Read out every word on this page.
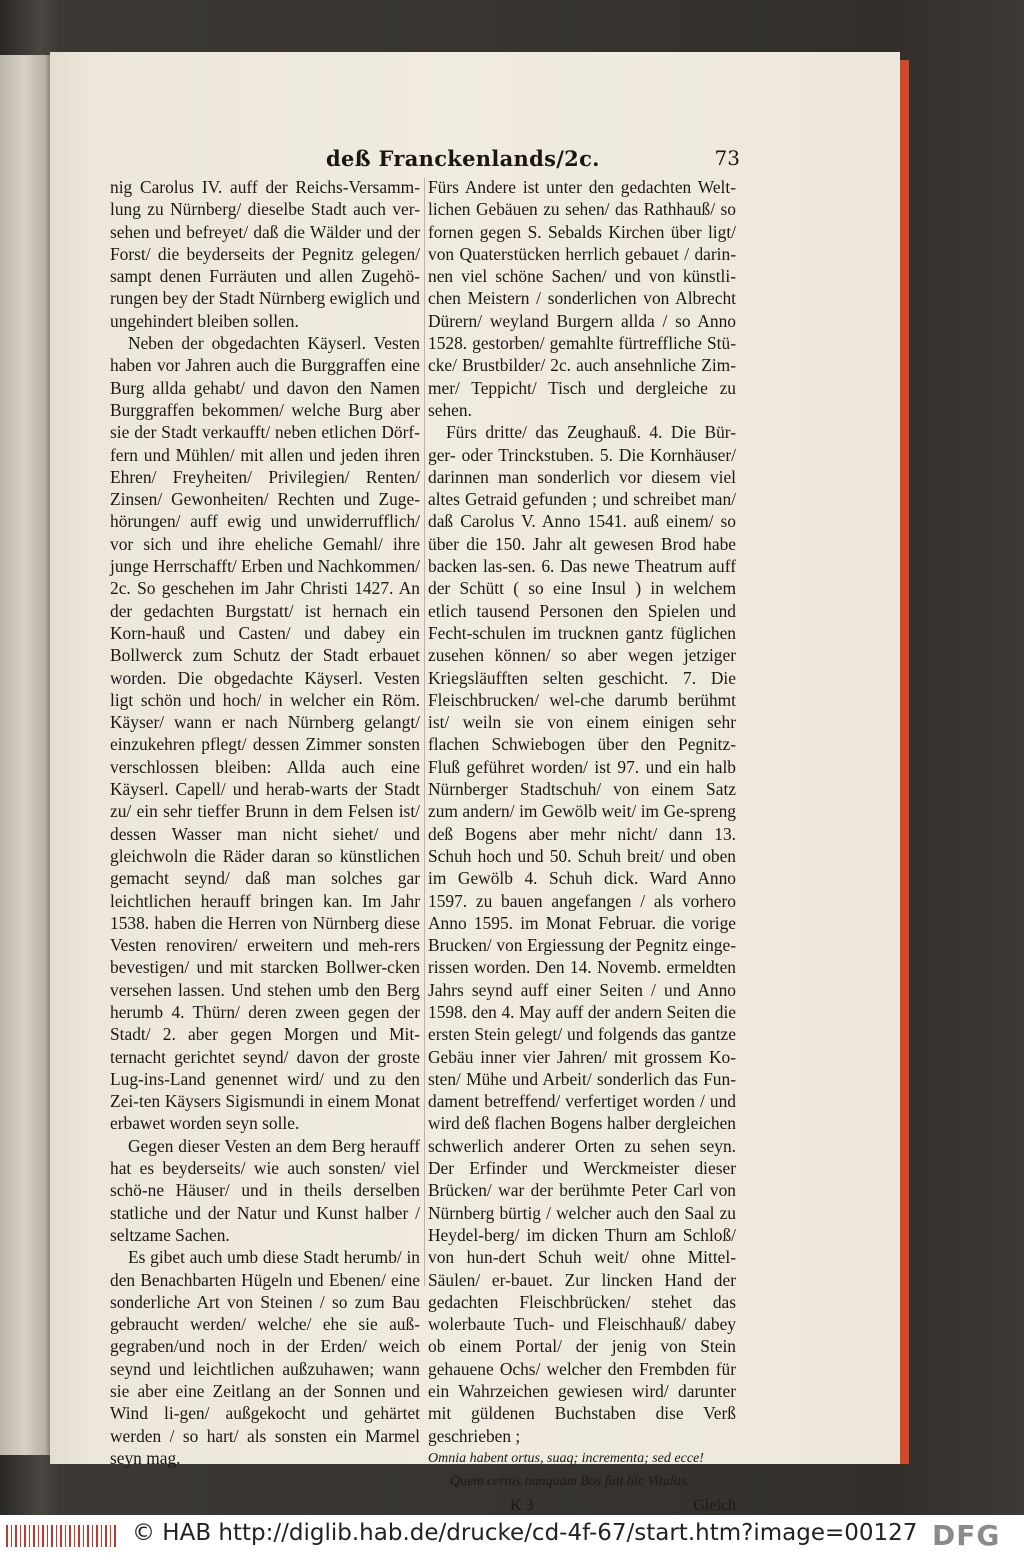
deß Franckenlands/2c.	73

nig Carolus IV. auff der Reichs-Versamm-lung zu Nürnberg/ dieselbe Stadt auch ver-sehen und befreyet/ daß die Wälder und der Forst/ die beyderseits der Pegnitz gelegen/ sampt denen Furräuten und allen Zugehö-rungen bey der Stadt Nürnberg ewiglich und ungehindert bleiben sollen.

Neben der obgedachten Käyserl. Vesten haben vor Jahren auch die Burggraffen eine Burg allda gehabt/ und davon den Namen Burggraffen bekommen/ welche Burg aber sie der Stadt verkaufft/ neben etlichen Dörf-fern und Mühlen/ mit allen und jeden ihren Ehren/ Freyheiten/ Privilegien/ Renten/ Zinsen/ Gewonheiten/ Rechten und Zuge-hörungen/ auff ewig und unwiderrufflich/ vor sich und ihre eheliche Gemahl/ ihre junge Herrschafft/ Erben und Nachkommen/ 2c. So geschehen im Jahr Christi 1427. An der gedachten Burgstatt/ ist hernach ein Korn-hauß und Casten/ und dabey ein Bollwerck zum Schutz der Stadt erbauet worden. Die obgedachte Käyserl. Vesten ligt schön und hoch/ in welcher ein Röm. Käyser/ wann er nach Nürnberg gelangt/ einzukehren pflegt/ dessen Zimmer sonsten verschlossen bleiben: Allda auch eine Käyserl. Capell/ und herab-warts der Stadt zu/ ein sehr tieffer Brunn in dem Felsen ist/ dessen Wasser man nicht siehet/ und gleichwoln die Räder daran so künstlichen gemacht seynd/ daß man solches gar leichtlichen herauff bringen kan. Im Jahr 1538. haben die Herren von Nürnberg diese Vesten renoviren/ erweitern und meh-rers bevestigen/ und mit starcken Bollwer-cken versehen lassen. Und stehen umb den Berg herumb 4. Thürn/ deren zween gegen der Stadt/ 2. aber gegen Morgen und Mit-ternacht gerichtet seynd/ davon der groste Lug-ins-Land genennet wird/ und zu den Zei-ten Käysers Sigismundi in einem Monat erbawet worden seyn solle.

Gegen dieser Vesten an dem Berg herauff hat es beyderseits/ wie auch sonsten/ viel schö-ne Häuser/ und in theils derselben statliche und der Natur und Kunst halber / seltzame Sachen.

Es gibet auch umb diese Stadt herumb/ in den Benachbarten Hügeln und Ebenen/ eine sonderliche Art von Steinen / so zum Bau gebraucht werden/ welche/ ehe sie auß-gegraben/und noch in der Erden/ weich seynd und leichtlichen außzuhawen; wann sie aber eine Zeitlang an der Sonnen und Wind li-gen/ außgekocht und gehärtet werden / so hart/ als sonsten ein Marmel seyn mag.

Fürs Andere ist unter den gedachten Welt-lichen Gebäuen zu sehen/ das Rathhauß/ so fornen gegen S. Sebalds Kirchen über ligt/ von Quaterstücken herrlich gebauet / darin-nen viel schöne Sachen/ und von künstli-chen Meistern / sonderlichen von Albrecht Dürern/ weyland Burgern allda / so Anno 1528. gestorben/ gemahlte fürtreffliche Stü-cke/ Brustbilder/ 2c. auch ansehnliche Zim-mer/ Teppicht/ Tisch und dergleiche zu sehen.

Fürs dritte/ das Zeughauß. 4. Die Bür-ger- oder Trinckstuben. 5. Die Kornhäuser/ darinnen man sonderlich vor diesem viel altes Getraid gefunden ; und schreibet man/ daß Carolus V. Anno 1541. auß einem/ so über die 150. Jahr alt gewesen Brod habe backen las-sen. 6. Das newe Theatrum auff der Schütt ( so eine Insul ) in welchem etlich tausend Personen den Spielen und Fecht-schulen im trucknen gantz füglichen zusehen können/ so aber wegen jetziger Kriegsläufften selten geschicht. 7. Die Fleischbrucken/ wel-che darumb berühmt ist/ weiln sie von einem einigen sehr flachen Schwiebogen über den Pegnitz-Fluß geführet worden/ ist 97. und ein halb Nürnberger Stadtschuh/ von einem Satz zum andern/ im Gewölb weit/ im Ge-spreng deß Bogens aber mehr nicht/ dann 13. Schuh hoch und 50. Schuh breit/ und oben im Gewölb 4. Schuh dick. Ward Anno 1597. zu bauen angefangen / als vorhero Anno 1595. im Monat Februar. die vorige Brucken/ von Ergiessung der Pegnitz einge-rissen worden. Den 14. Novemb. ermeldten Jahrs seynd auff einer Seiten / und Anno 1598. den 4. May auff der andern Seiten die ersten Stein gelegt/ und folgends das gantze Gebäu inner vier Jahren/ mit grossem Ko-sten/ Mühe und Arbeit/ sonderlich das Fun-dament betreffend/ verfertiget worden / und wird deß flachen Bogens halber dergleichen schwerlich anderer Orten zu sehen seyn. Der Erfinder und Werckmeister dieser Brücken/ war der berühmte Peter Carl von Nürnberg bürtig / welcher auch den Saal zu Heydel-berg/ im dicken Thurn am Schloß/ von hun-dert Schuh weit/ ohne Mittel-Säulen/ er-bauet. Zur lincken Hand der gedachten Fleischbrücken/ stehet das wolerbaute Tuch- und Fleischhauß/ dabey ob einem Portal/ der jenig von Stein gehauene Ochs/ welcher den Frembden für ein Wahrzeichen gewiesen wird/ darunter mit güldenen Buchstaben dise Verß geschrieben ;

Omnia habent ortus, suaq; incrementa; sed ecce!
Quem cernis nunquam Bos fuit hic Vitulus.
K 3	Gleich
© HAB http://diglib.hab.de/drucke/cd-4f-67/start.htm?image=00127 DFG
